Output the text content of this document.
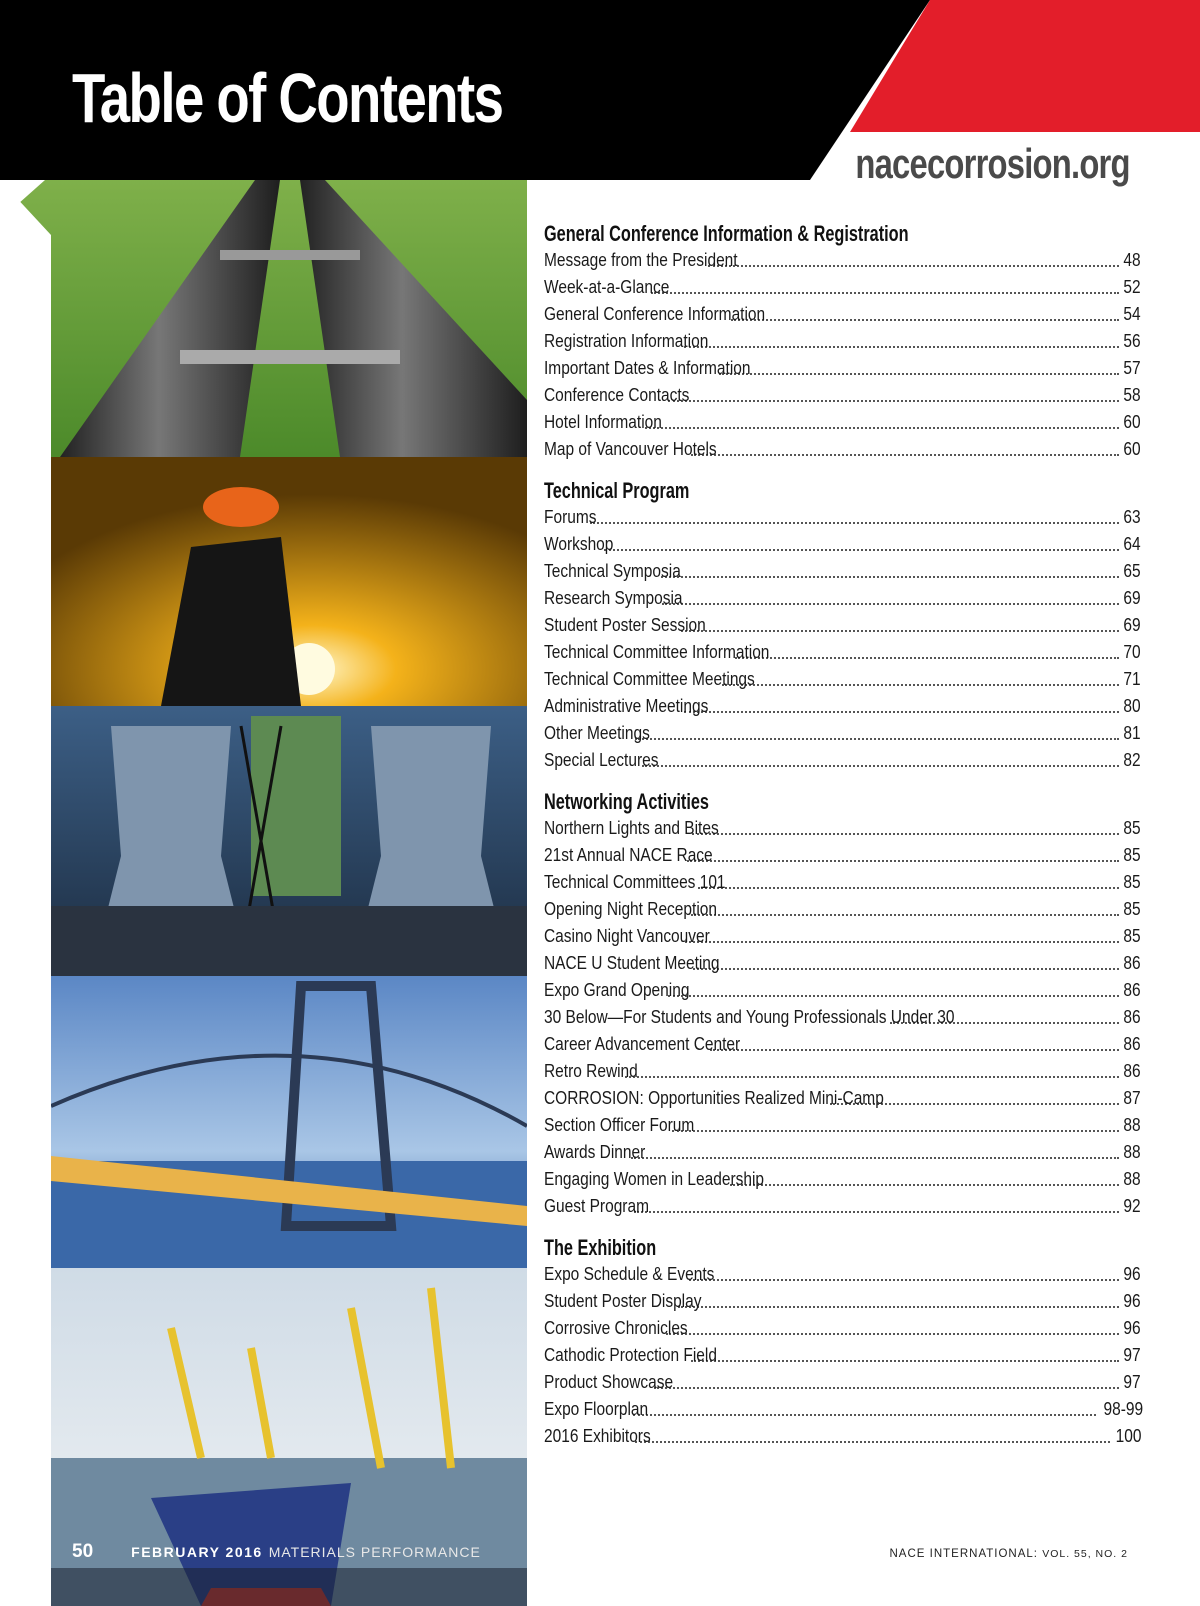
Table of Contents
nacecorrosion.org
50	FEBRUARY 2016 MATERIALS PERFORMANCE	NACE INTERNATIONAL: VOL. 55, NO. 2
General Conference Information & Registration
Message from the President	48
Week-at-a-Glance	52
General Conference Information	54
Registration Information	56
Important Dates & Information	57
Conference Contacts	58
Hotel Information	60
Map of Vancouver Hotels	60
Technical Program
Forums	63
Workshop	64
Technical Symposia	65
Research Symposia	69
Student Poster Session	69
Technical Committee Information	70
Technical Committee Meetings	71
Administrative Meetings	80
Other Meetings	81
Special Lectures	82
Networking Activities
Northern Lights and Bites	85
21st Annual NACE Race	85
Technical Committees 101	85
Opening Night Reception	85
Casino Night Vancouver	85
NACE U Student Meeting	86
Expo Grand Opening	86
30 Below—For Students and Young Professionals Under 30	86
Career Advancement Center	86
Retro Rewind	86
CORROSION: Opportunities Realized Mini-Camp	87
Section Officer Forum	88
Awards Dinner	88
Engaging Women in Leadership	88
Guest Program	92
The Exhibition
Expo Schedule & Events	96
Student Poster Display	96
Corrosive Chronicles	96
Cathodic Protection Field	97
Product Showcase	97
Expo Floorplan	98-99
2016 Exhibitors	100
